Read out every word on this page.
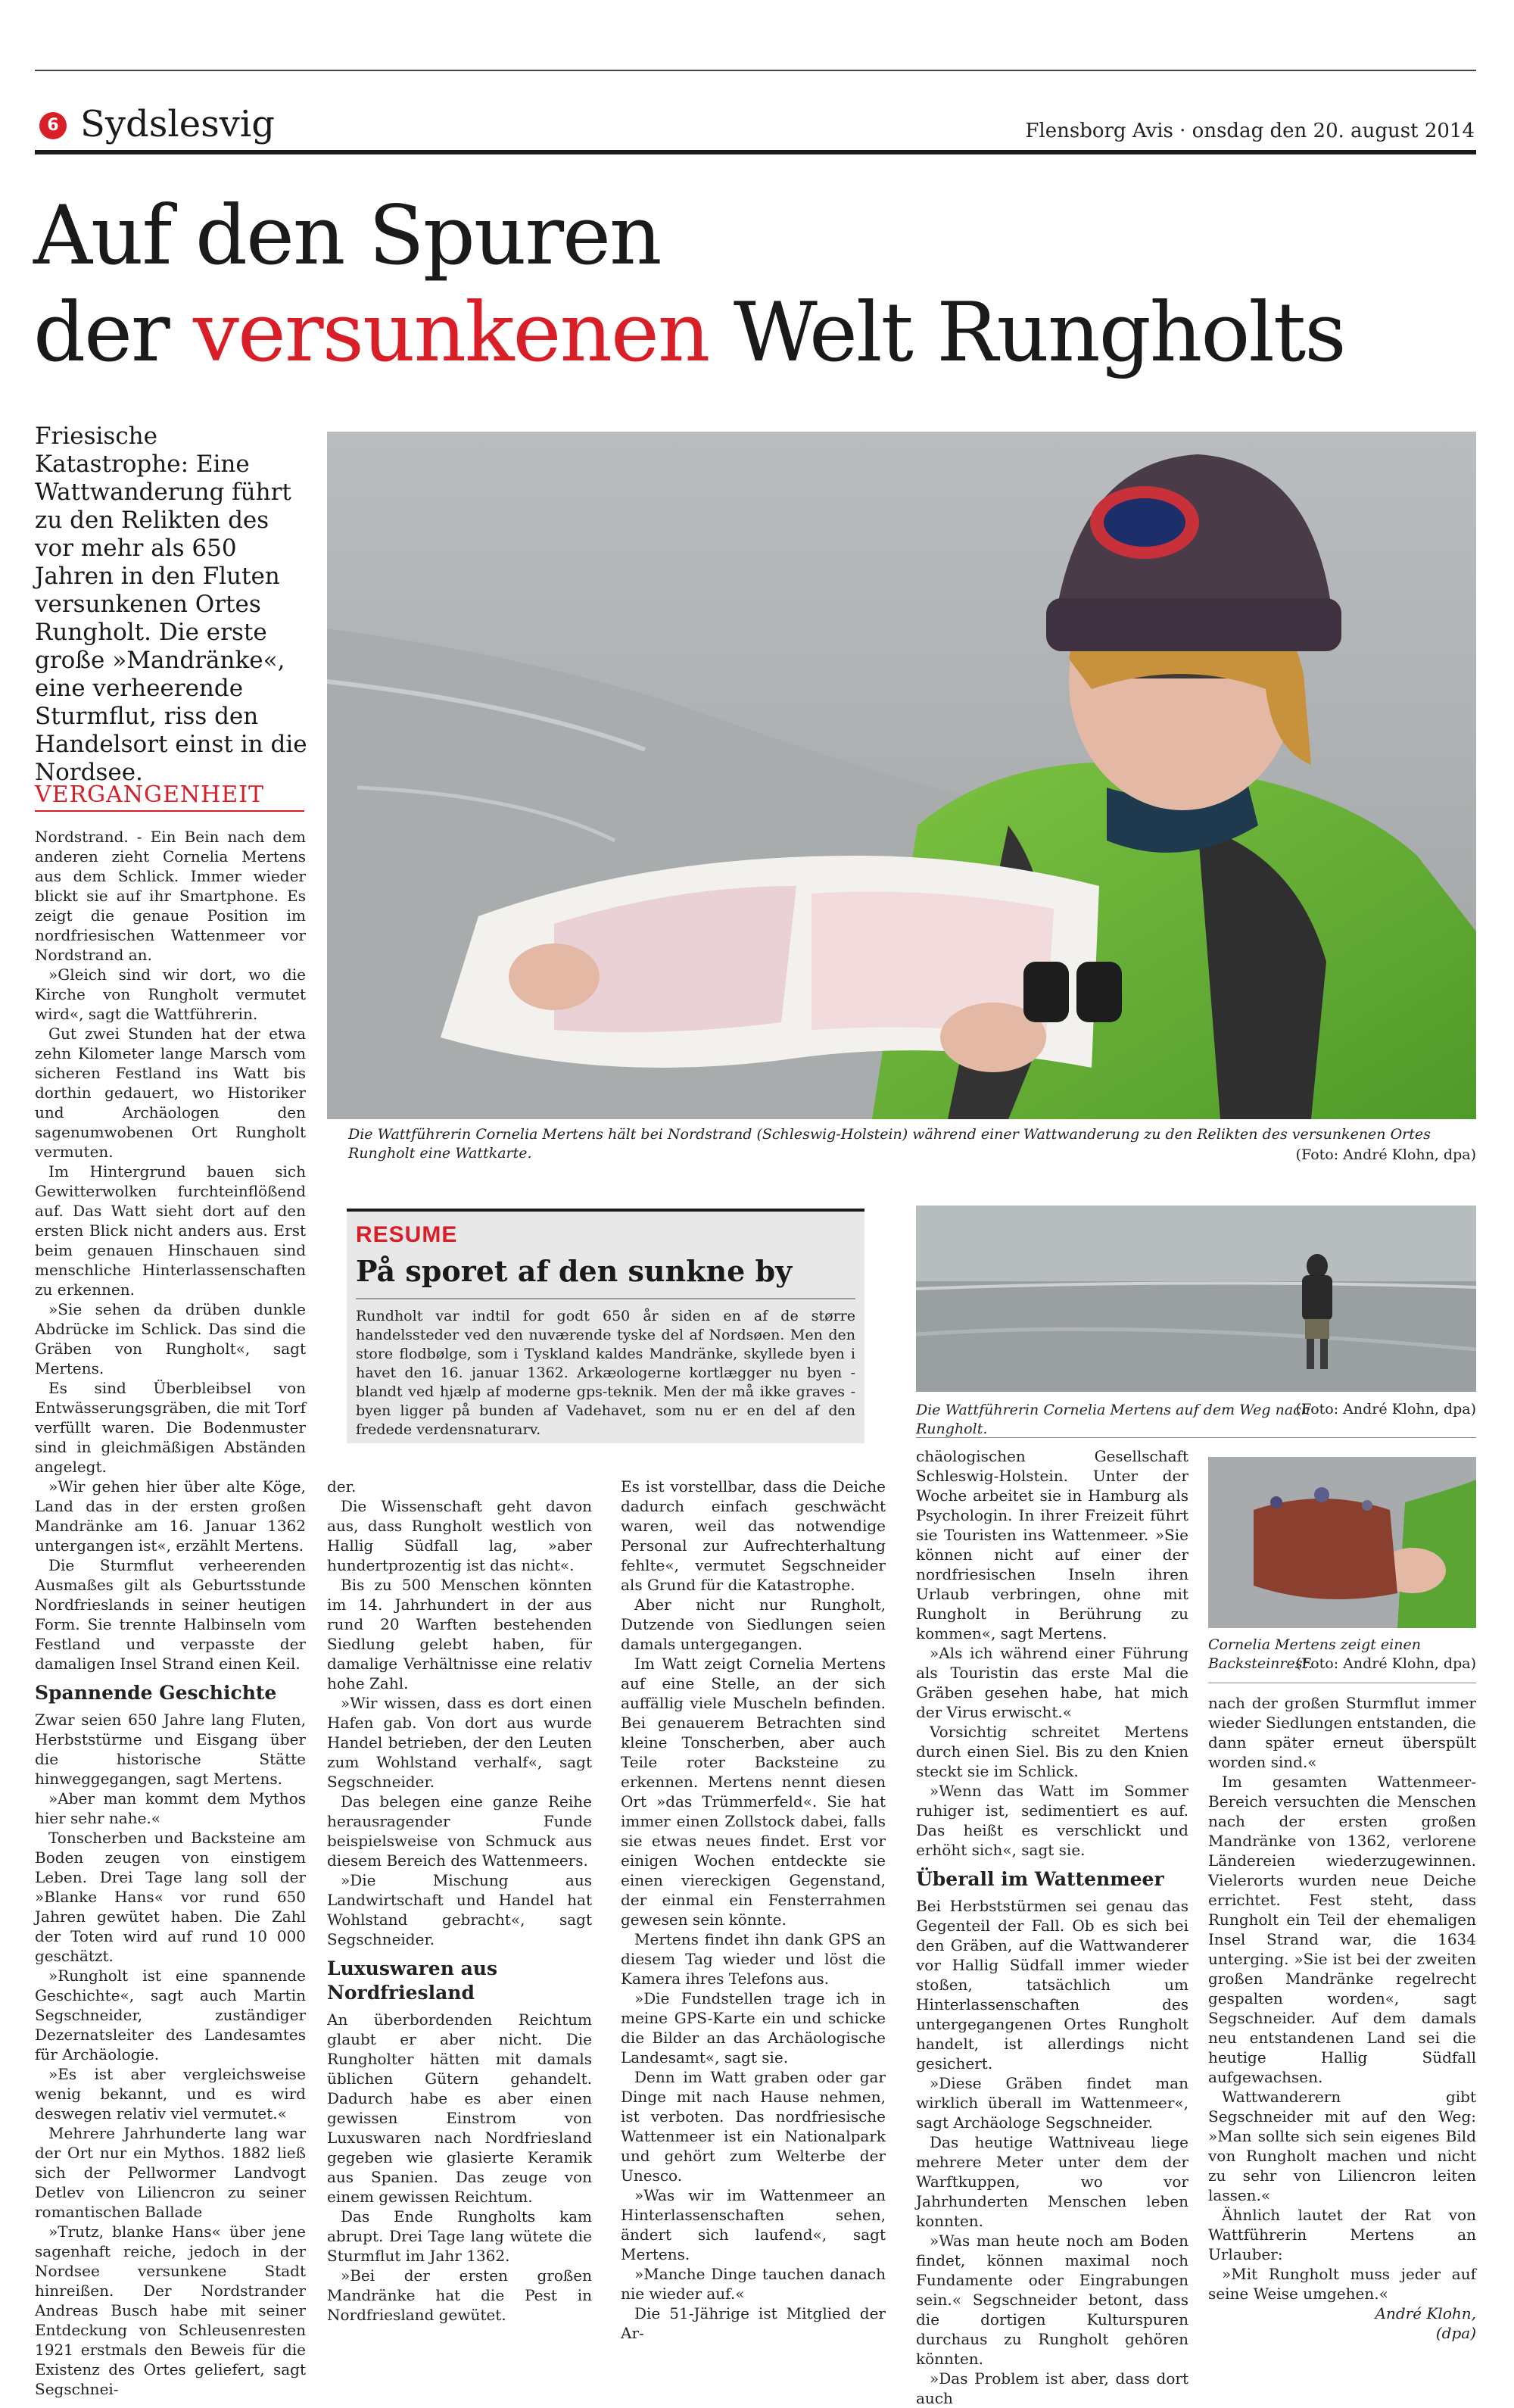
6 Sydslesvig	Flensborg Avis · onsdag den 20. august 2014
Auf den Spuren
der versunkenen Welt Rungholts
Friesische Katastrophe: Eine Wattwanderung führt zu den Relikten des vor mehr als 650 Jahren in den Fluten versunkenen Ortes Rungholt. Die erste große »Mandränke«, eine verheerende Sturmflut, riss den Handelsort einst in die Nordsee.
VERGANGENHEIT
Die Wattführerin Cornelia Mertens hält bei Nordstrand (Schleswig-Holstein) während einer Wattwanderung zu den Relikten des versunkenen Ortes Rungholt eine Wattkarte.	(Foto: André Klohn, dpa)

Nordstrand. - Ein Bein nach dem anderen zieht Cornelia Mertens aus dem Schlick. Immer wieder blickt sie auf ihr Smartphone. Es zeigt die genaue Position im nordfriesischen Wattenmeer vor Nordstrand an.

»Gleich sind wir dort, wo die Kirche von Rungholt vermutet wird«, sagt die Wattführerin.

Gut zwei Stunden hat der etwa zehn Kilometer lange Marsch vom sicheren Festland ins Watt bis dorthin gedauert, wo Historiker und Archäologen den sagenumwobenen Ort Rungholt vermuten.

Im Hintergrund bauen sich Gewitterwolken furchteinflößend auf. Das Watt sieht dort auf den ersten Blick nicht anders aus. Erst beim genauen Hinschauen sind menschliche Hinterlassenschaften zu erkennen.

»Sie sehen da drüben dunkle Abdrücke im Schlick. Das sind die Gräben von Rungholt«, sagt Mertens.

Es sind Überbleibsel von Entwässerungsgräben, die mit Torf verfüllt waren. Die Bodenmuster sind in gleichmäßigen Abständen angelegt.

»Wir gehen hier über alte Köge, Land das in der ersten großen Mandränke am 16. Januar 1362 untergangen ist«, erzählt Mertens.

Die Sturmflut verheerenden Ausmaßes gilt als Geburtsstunde Nordfrieslands in seiner heutigen Form. Sie trennte Halbinseln vom Festland und verpasste der damaligen Insel Strand einen Keil.

Spannende Geschichte

Zwar seien 650 Jahre lang Fluten, Herbststürme und Eisgang über die historische Stätte hinweggegangen, sagt Mertens.

»Aber man kommt dem Mythos hier sehr nahe.«

Tonscherben und Backsteine am Boden zeugen von einstigem Leben. Drei Tage lang soll der »Blanke Hans« vor rund 650 Jahren gewütet haben. Die Zahl der Toten wird auf rund 10 000 geschätzt.

»Rungholt ist eine spannende Geschichte«, sagt auch Martin Segschneider, zuständiger Dezernatsleiter des Landesamtes für Archäologie.

»Es ist aber vergleichsweise wenig bekannt, und es wird deswegen relativ viel vermutet.«

Mehrere Jahrhunderte lang war der Ort nur ein Mythos. 1882 ließ sich der Pellwormer Landvogt Detlev von Liliencron zu seiner romantischen Ballade

»Trutz, blanke Hans« über jene sagenhaft reiche, jedoch in der Nordsee versunkene Stadt hinreißen. Der Nordstrander Andreas Busch habe mit seiner Entdeckung von Schleusenresten 1921 erstmals den Beweis für die Existenz des Ortes geliefert, sagt Segschnei-

RESUME
På sporet af den sunkne by
Rundholt var indtil for godt 650 år siden en af de større handelssteder ved den nuværende tyske del af Nordsøen. Men den store flodbølge, som i Tyskland kaldes Mandränke, skyllede byen i havet den 16. januar 1362. Arkæologerne kortlægger nu byen - blandt ved hjælp af moderne gps-teknik. Men der må ikke graves - byen ligger på bunden af Vadehavet, som nu er en del af den fredede verdensnaturarv.
Die Wattführerin Cornelia Mertens auf dem Weg nach Rungholt.
(Foto: André Klohn, dpa)

der.

Die Wissenschaft geht davon aus, dass Rungholt westlich von Hallig Südfall lag, »aber hundertprozentig ist das nicht«.

Bis zu 500 Menschen könnten im 14. Jahrhundert in der aus rund 20 Warften bestehenden Siedlung gelebt haben, für damalige Verhältnisse eine relativ hohe Zahl.

»Wir wissen, dass es dort einen Hafen gab. Von dort aus wurde Handel betrieben, der den Leuten zum Wohlstand verhalf«, sagt Segschneider.

Das belegen eine ganze Reihe herausragender Funde beispielsweise von Schmuck aus diesem Bereich des Wattenmeers.

»Die Mischung aus Landwirtschaft und Handel hat Wohlstand gebracht«, sagt Segschneider.

Luxuswaren aus Nordfriesland

An überbordenden Reichtum glaubt er aber nicht. Die Rungholter hätten mit damals üblichen Gütern gehandelt. Dadurch habe es aber einen gewissen Einstrom von Luxuswaren nach Nordfriesland gegeben wie glasierte Keramik aus Spanien. Das zeuge von einem gewissen Reichtum.

Das Ende Rungholts kam abrupt. Drei Tage lang wütete die Sturmflut im Jahr 1362.

»Bei der ersten großen Mandränke hat die Pest in Nordfriesland gewütet.

Es ist vorstellbar, dass die Deiche dadurch einfach geschwächt waren, weil das notwendige Personal zur Aufrechterhaltung fehlte«, vermutet Segschneider als Grund für die Katastrophe.

Aber nicht nur Rungholt, Dutzende von Siedlungen seien damals untergegangen.

Im Watt zeigt Cornelia Mertens auf eine Stelle, an der sich auffällig viele Muscheln befinden. Bei genauerem Betrachten sind kleine Tonscherben, aber auch Teile roter Backsteine zu erkennen. Mertens nennt diesen Ort »das Trümmerfeld«. Sie hat immer einen Zollstock dabei, falls sie etwas neues findet. Erst vor einigen Wochen entdeckte sie einen viereckigen Gegenstand, der einmal ein Fensterrahmen gewesen sein könnte.

Mertens findet ihn dank GPS an diesem Tag wieder und löst die Kamera ihres Telefons aus.

»Die Fundstellen trage ich in meine GPS-Karte ein und schicke die Bilder an das Archäologische Landesamt«, sagt sie.

Denn im Watt graben oder gar Dinge mit nach Hause nehmen, ist verboten. Das nordfriesische Wattenmeer ist ein Nationalpark und gehört zum Welterbe der Unesco.

»Was wir im Wattenmeer an Hinterlassenschaften sehen, ändert sich laufend«, sagt Mertens.

»Manche Dinge tauchen danach nie wieder auf.«

Die 51-Jährige ist Mitglied der Ar-

chäologischen Gesellschaft Schleswig-Holstein. Unter der Woche arbeitet sie in Hamburg als Psychologin. In ihrer Freizeit führt sie Touristen ins Wattenmeer. »Sie können nicht auf einer der nordfriesischen Inseln ihren Urlaub verbringen, ohne mit Rungholt in Berührung zu kommen«, sagt Mertens.

»Als ich während einer Führung als Touristin das erste Mal die Gräben gesehen habe, hat mich der Virus erwischt.«

Vorsichtig schreitet Mertens durch einen Siel. Bis zu den Knien steckt sie im Schlick.

»Wenn das Watt im Sommer ruhiger ist, sedimentiert es auf. Das heißt es verschlickt und erhöht sich«, sagt sie.

Überall im Wattenmeer

Bei Herbststürmen sei genau das Gegenteil der Fall. Ob es sich bei den Gräben, auf die Wattwanderer vor Hallig Südfall immer wieder stoßen, tatsächlich um Hinterlassenschaften des untergegangenen Ortes Rungholt handelt, ist allerdings nicht gesichert.

»Diese Gräben findet man wirklich überall im Wattenmeer«, sagt Archäologe Segschneider.

Das heutige Wattniveau liege mehrere Meter unter dem der Warftkuppen, wo vor Jahrhunderten Menschen leben konnten.

»Was man heute noch am Boden findet, können maximal noch Fundamente oder Eingrabungen sein.« Segschneider betont, dass die dortigen Kulturspuren durchaus zu Rungholt gehören könnten.

»Das Problem ist aber, dass dort auch

Cornelia Mertens zeigt einen Backsteinrest.
(Foto: André Klohn, dpa)

nach der großen Sturmflut immer wieder Siedlungen entstanden, die dann später erneut überspült worden sind.«

Im gesamten Wattenmeer-Bereich versuchten die Menschen nach der ersten großen Mandränke von 1362, verlorene Ländereien wiederzugewinnen. Vielerorts wurden neue Deiche errichtet. Fest steht, dass Rungholt ein Teil der ehemaligen Insel Strand war, die 1634 unterging. »Sie ist bei der zweiten großen Mandränke regelrecht gespalten worden«, sagt Segschneider. Auf dem damals neu entstandenen Land sei die heutige Hallig Südfall aufgewachsen.

Wattwanderern gibt Segschneider mit auf den Weg: »Man sollte sich sein eigenes Bild von Rungholt machen und nicht zu sehr von Liliencron leiten lassen.«

Ähnlich lautet der Rat von Wattführerin Mertens an Urlauber:

»Mit Rungholt muss jeder auf seine Weise umgehen.«

André Klohn,
(dpa)
